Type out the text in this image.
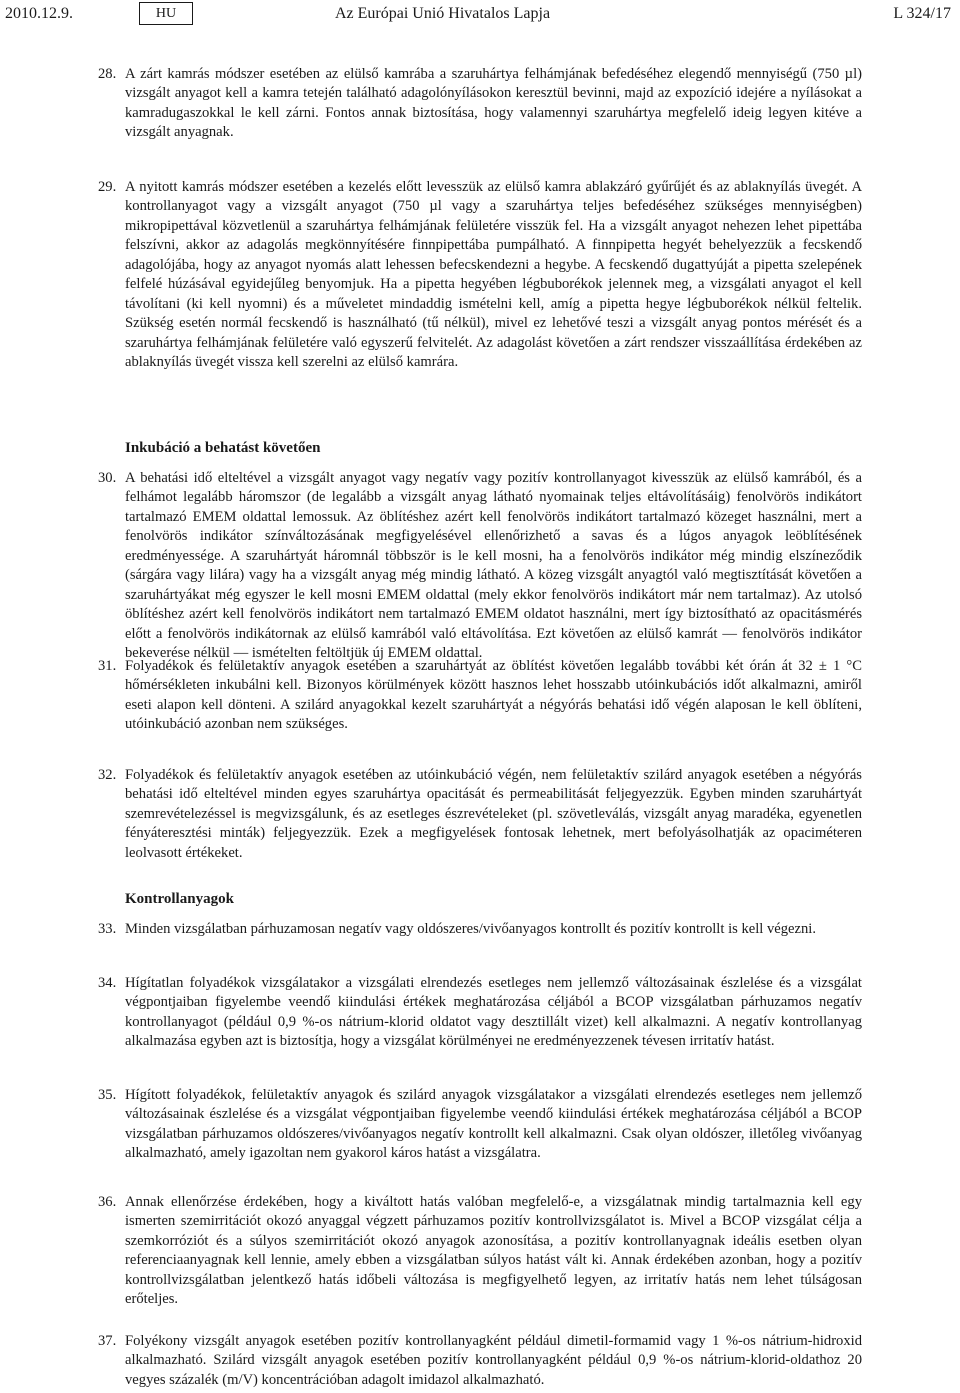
2010.12.9.	HU	Az Európai Unió Hivatalos Lapja	L 324/17
28. A zárt kamrás módszer esetében az elülső kamrába a szaruhártya felhámjának befedéséhez elegendő mennyiségű (750 µl) vizsgált anyagot kell a kamra tetején található adagolónyílásokon keresztül bevinni, majd az expozíció idejére a nyílásokat a kamradugaszokkal le kell zárni. Fontos annak biztosítása, hogy valamennyi szaruhártya megfelelő ideig legyen kitéve a vizsgált anyagnak.
29. A nyitott kamrás módszer esetében a kezelés előtt levesszük az elülső kamra ablakzáró gyűrűjét és az ablaknyílás üvegét. A kontrollanyagot vagy a vizsgált anyagot (750 µl vagy a szaruhártya teljes befedéséhez szükséges mennyiségben) mikropipettával közvetlenül a szaruhártya felhámjának felületére visszük fel. Ha a vizsgált anyagot nehezen lehet pipettába felszívni, akkor az adagolás megkönnyítésére finnpipettába pumpálható. A finnpipetta hegyét behelyezzük a fecskendő adagolójába, hogy az anyagot nyomás alatt lehessen befecskendezni a hegybe. A fecskendő dugattyúját a pipetta szelepének felfelé húzásával egyidejűleg benyomjuk. Ha a pipetta hegyében légbuborékok jelennek meg, a vizsgálati anyagot el kell távolítani (ki kell nyomni) és a műveletet mindaddig ismételni kell, amíg a pipetta hegye légbuborékok nélkül feltelik. Szükség esetén normál fecskendő is használható (tű nélkül), mivel ez lehetővé teszi a vizsgált anyag pontos mérését és a szaruhártya felhámjának felületére való egyszerű felvitelét. Az adagolást követően a zárt rendszer visszaállítása érdekében az ablaknyílás üvegét vissza kell szerelni az elülső kamrára.
Inkubáció a behatást követően
30. A behatási idő elteltével a vizsgált anyagot vagy negatív vagy pozitív kontrollanyagot kivesszük az elülső kamrából, és a felhámot legalább háromszor (de legalább a vizsgált anyag látható nyomainak teljes eltávolításáig) fenolvörös indikátort tartalmazó EMEM oldattal lemossuk. Az öblítéshez azért kell fenolvörös indikátort tartalmazó közeget használni, mert a fenolvörös indikátor színváltozásának megfigyelésével ellenőrizhető a savas és a lúgos anyagok leöblítésének eredményessége. A szaruhártyát háromnál többször is le kell mosni, ha a fenolvörös indikátor még mindig elszíneződik (sárgára vagy lilára) vagy ha a vizsgált anyag még mindig látható. A közeg vizsgált anyagtól való megtisztítását követően a szaruhártyákat még egyszer le kell mosni EMEM oldattal (mely ekkor fenolvörös indikátort már nem tartalmaz). Az utolsó öblítéshez azért kell fenolvörös indikátort nem tartalmazó EMEM oldatot használni, mert így biztosítható az opacitásmérés előtt a fenolvörös indikátornak az elülső kamrából való eltávolítása. Ezt követően az elülső kamrát — fenolvörös indikátor bekeverése nélkül — ismételten feltöltjük új EMEM oldattal.
31. Folyadékok és felületaktív anyagok esetében a szaruhártyát az öblítést követően legalább további két órán át 32 ± 1 °C hőmérsékleten inkubálni kell. Bizonyos körülmények között hasznos lehet hosszabb utóinkubációs időt alkalmazni, amiről eseti alapon kell dönteni. A szilárd anyagokkal kezelt szaruhártyát a négyórás behatási idő végén alaposan le kell öblíteni, utóinkubáció azonban nem szükséges.
32. Folyadékok és felületaktív anyagok esetében az utóinkubáció végén, nem felületaktív szilárd anyagok esetében a négyórás behatási idő elteltével minden egyes szaruhártya opacitását és permeabilitását feljegyezzük. Egyben minden szaruhártyát szemrevételezéssel is megvizsgálunk, és az esetleges észrevételeket (pl. szövetleválás, vizsgált anyag maradéka, egyenetlen fényáteresztési minták) feljegyezzük. Ezek a megfigyelések fontosak lehetnek, mert befolyásolhatják az opaciméteren leolvasott értékeket.
Kontrollanyagok
33. Minden vizsgálatban párhuzamosan negatív vagy oldószeres/vivőanyagos kontrollt és pozitív kontrollt is kell végezni.
34. Hígítatlan folyadékok vizsgálatakor a vizsgálati elrendezés esetleges nem jellemző változásainak észlelése és a vizsgálat végpontjaiban figyelembe veendő kiindulási értékek meghatározása céljából a BCOP vizsgálatban párhuzamos negatív kontrollanyagot (például 0,9 %-os nátrium-klorid oldatot vagy desztillált vizet) kell alkalmazni. A negatív kontrollanyag alkalmazása egyben azt is biztosítja, hogy a vizsgálat körülményei ne eredményezzenek tévesen irritatív hatást.
35. Hígított folyadékok, felületaktív anyagok és szilárd anyagok vizsgálatakor a vizsgálati elrendezés esetleges nem jellemző változásainak észlelése és a vizsgálat végpontjaiban figyelembe veendő kiindulási értékek meghatározása céljából a BCOP vizsgálatban párhuzamos oldószeres/vivőanyagos negatív kontrollt kell alkalmazni. Csak olyan oldószer, illetőleg vivőanyag alkalmazható, amely igazoltan nem gyakorol káros hatást a vizsgálatra.
36. Annak ellenőrzése érdekében, hogy a kiváltott hatás valóban megfelelő-e, a vizsgálatnak mindig tartalmaznia kell egy ismerten szemirritációt okozó anyaggal végzett párhuzamos pozitív kontrollvizsgálatot is. Mivel a BCOP vizsgálat célja a szemkorróziót és a súlyos szemirritációt okozó anyagok azonosítása, a pozitív kontrollanyagnak ideális esetben olyan referenciaanyagnak kell lennie, amely ebben a vizsgálatban súlyos hatást vált ki. Annak érdekében azonban, hogy a pozitív kontrollvizsgálatban jelentkező hatás időbeli változása is megfigyelhető legyen, az irritatív hatás nem lehet túlságosan erőteljes.
37. Folyékony vizsgált anyagok esetében pozitív kontrollanyagként például dimetil-formamid vagy 1 %-os nátrium-hidroxid alkalmazható. Szilárd vizsgált anyagok esetében pozitív kontrollanyagként például 0,9 %-os nátrium-klorid-oldathoz 20 vegyes százalék (m/V) koncentrációban adagolt imidazol alkalmazható.
